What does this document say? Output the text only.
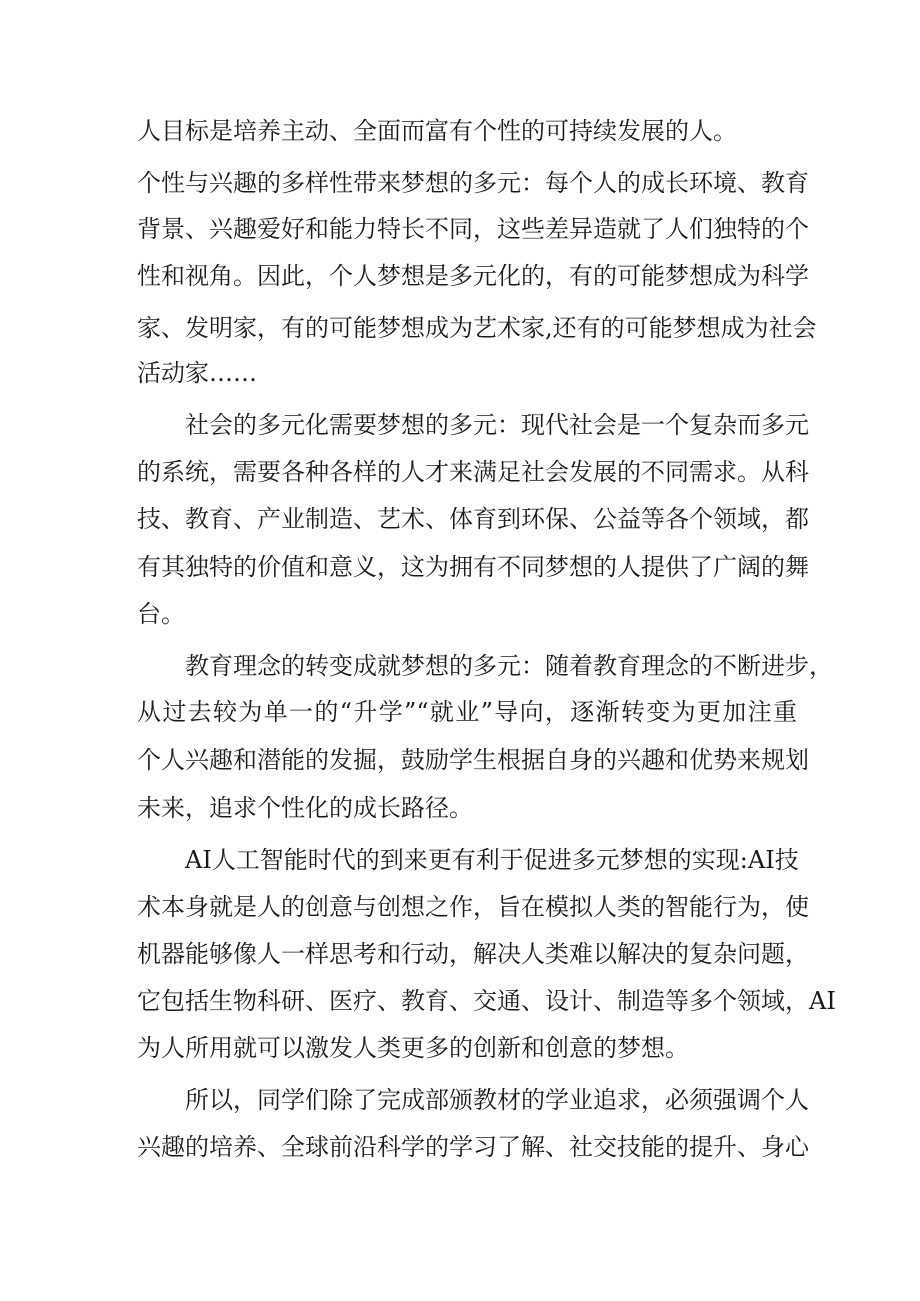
人目标是培养主动、全面而富有个性的可持续发展的人。
个性与兴趣的多样性带来梦想的多元：每个人的成长环境、教育
背景、兴趣爱好和能力特长不同，这些差异造就了人们独特的个
性和视角。因此，个人梦想是多元化的，有的可能梦想成为科学
家、发明家，有的可能梦想成为艺术家,还有的可能梦想成为社会
活动家……
社会的多元化需要梦想的多元：现代社会是一个复杂而多元
的系统，需要各种各样的人才来满足社会发展的不同需求。从科
技、教育、产业制造、艺术、体育到环保、公益等各个领域，都
有其独特的价值和意义，这为拥有不同梦想的人提供了广阔的舞
台。
教育理念的转变成就梦想的多元：随着教育理念的不断进步，
从过去较为单一的“升学”“就业”导向，逐渐转变为更加注重
个人兴趣和潜能的发掘，鼓励学生根据自身的兴趣和优势来规划
未来，追求个性化的成长路径。
AI人工智能时代的到来更有利于促进多元梦想的实现:AI技
术本身就是人的创意与创想之作，旨在模拟人类的智能行为，使
机器能够像人一样思考和行动，解决人类难以解决的复杂问题，
它包括生物科研、医疗、教育、交通、设计、制造等多个领域，AI
为人所用就可以激发人类更多的创新和创意的梦想。
所以，同学们除了完成部颁教材的学业追求，必须强调个人
兴趣的培养、全球前沿科学的学习了解、社交技能的提升、身心
